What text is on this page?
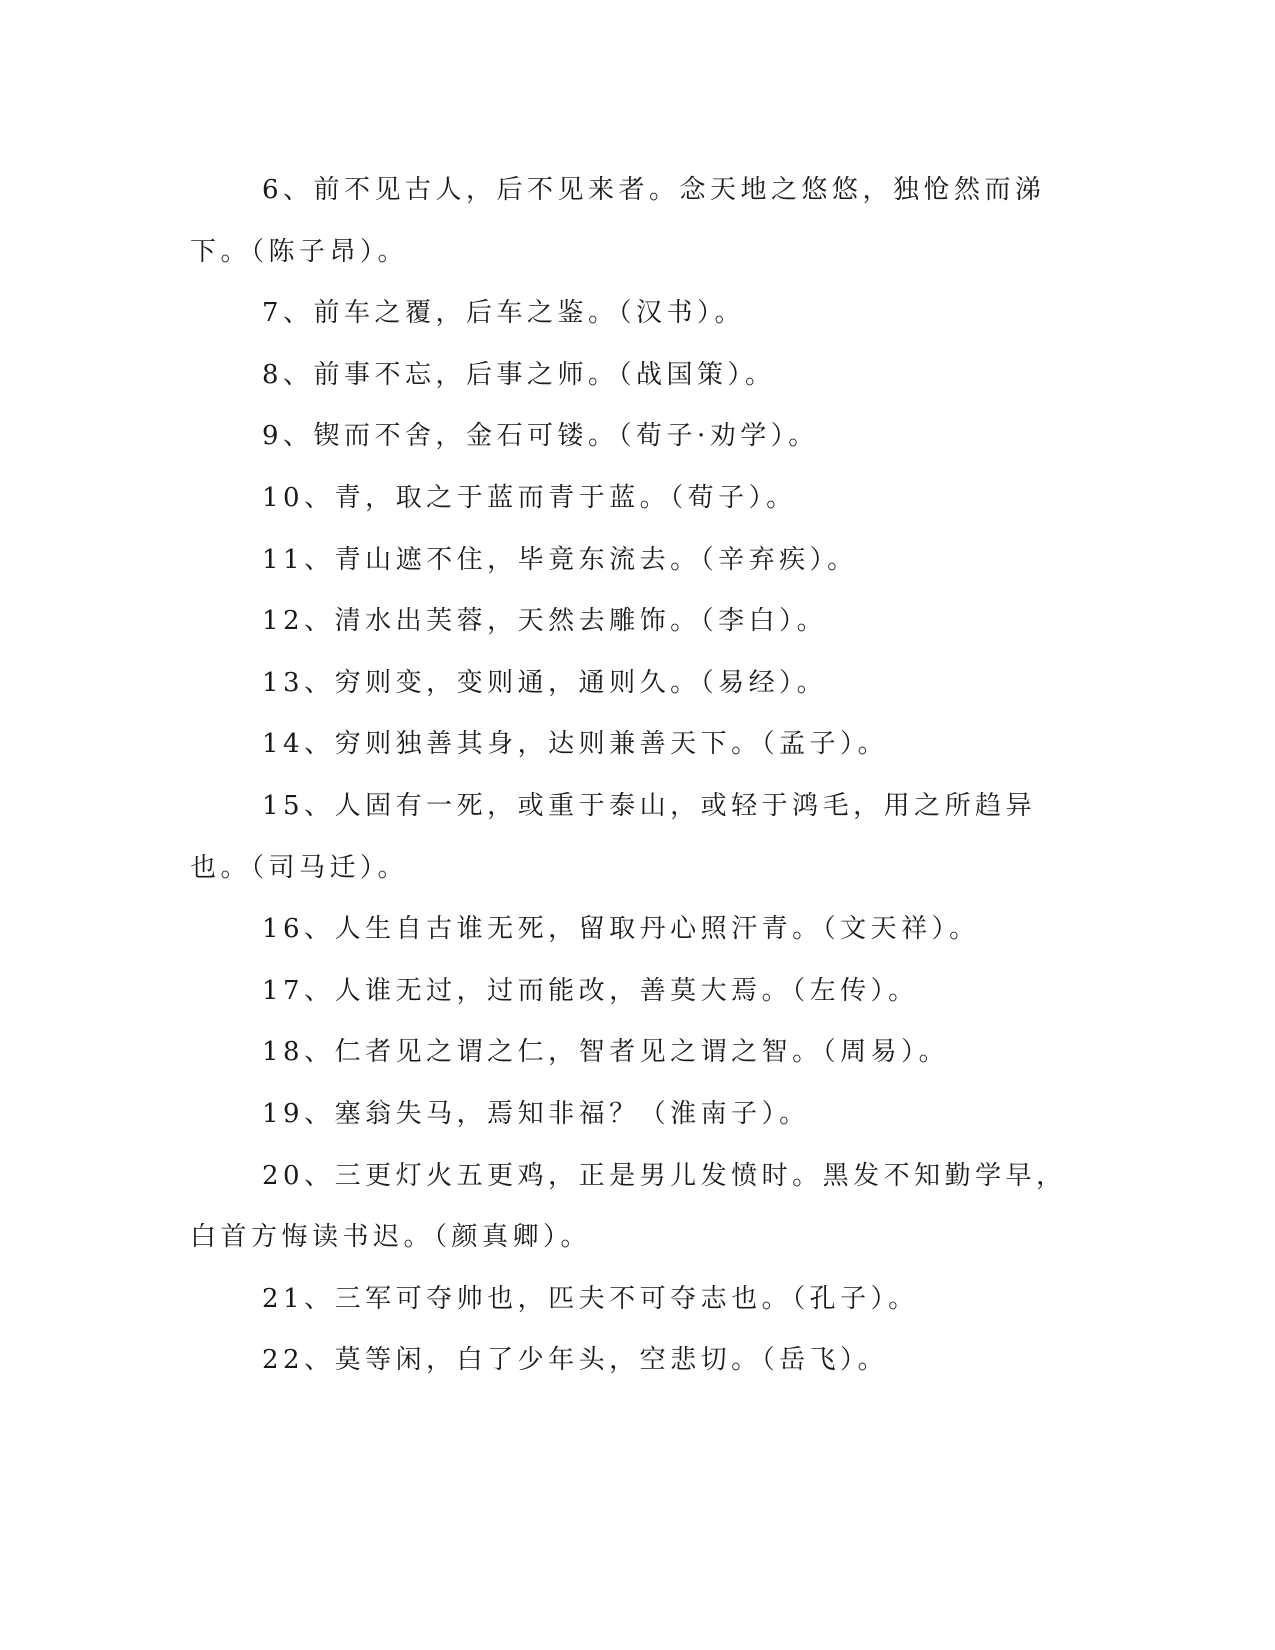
6、前不见古人，后不见来者。念天地之悠悠，独怆然而涕下。（陈子昂）。

7、前车之覆，后车之鉴。（汉书）。

8、前事不忘，后事之师。（战国策）。

9、锲而不舍，金石可镂。（荀子·劝学）。

10、青，取之于蓝而青于蓝。（荀子）。

11、青山遮不住，毕竟东流去。（辛弃疾）。

12、清水出芙蓉，天然去雕饰。（李白）。

13、穷则变，变则通，通则久。（易经）。

14、穷则独善其身，达则兼善天下。（孟子）。

15、人固有一死，或重于泰山，或轻于鸿毛，用之所趋异也。（司马迁）。

16、人生自古谁无死，留取丹心照汗青。（文天祥）。

17、人谁无过，过而能改，善莫大焉。（左传）。

18、仁者见之谓之仁，智者见之谓之智。（周易）。

19、塞翁失马，焉知非福？（淮南子）。

20、三更灯火五更鸡，正是男儿发愤时。黑发不知勤学早，白首方悔读书迟。（颜真卿）。

21、三军可夺帅也，匹夫不可夺志也。（孔子）。

22、莫等闲，白了少年头，空悲切。（岳飞）。
